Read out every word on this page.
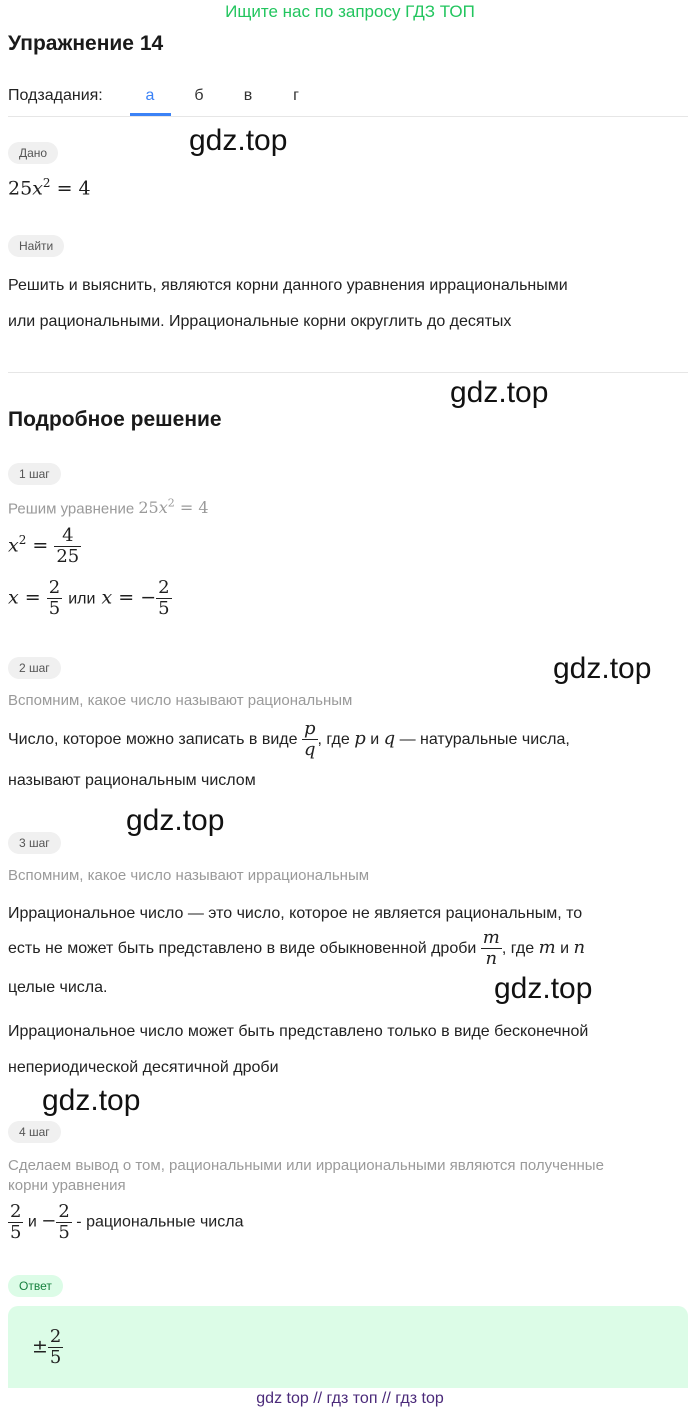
Ищите нас по запросу ГДЗ ТОП
Упражнение 14
Подзадания:	а	б	в	г
Дано	gdz.top
$25x^2 = 4$
Найти
Решить и выяснить, являются корни данного уравнения иррациональными
или рациональными. Иррациональные корни округлить до десятых
gdz.top
Подробное решение
1 шаг
Решим уравнение $25x^2 = 4$
$x^2 = \frac{4}{25}$
$x = \frac{2}{5}$ или x = − $\frac{2}{5}$
2 шаг	gdz.top
Вспомним, какое число называют рациональным
Число, которое можно записать в виде $\frac{p}{q}$ , где p и q — натуральные числа,
называют рациональным числом
gdz.top
3 шаг
Вспомним, какое число называют иррациональным
Иррациональное число — это число, которое не является рациональным, то
есть не может быть представлено в виде обыкновенной дроби $\frac{m}{n}$ , где m и n
целые числа.	gdz.top
Иррациональное число может быть представлено только в виде бесконечной
непериодической десятичной дроби
gdz.top
4 шаг
Сделаем вывод о том, рациональными или иррациональными являются полученные
корни уравнения
$\frac{2}{5}$ $и - \frac{2}{5}$ - рациональные числа
Ответ
± $\frac{2}{5}$
gdz top // гдз топ // гдз top
